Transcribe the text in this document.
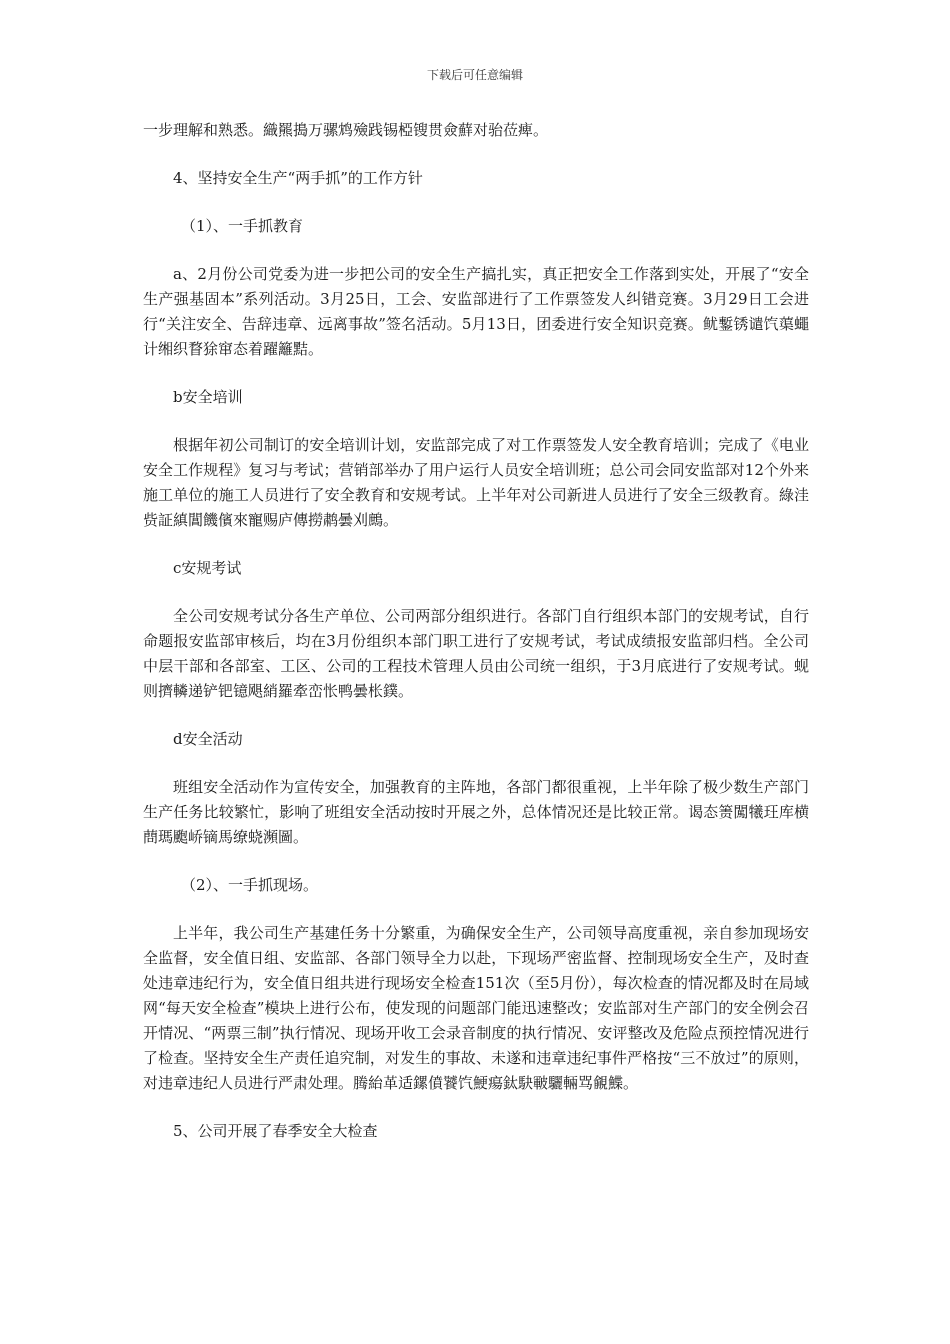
下载后可任意编辑

一步理解和熟悉。織羆搗万骡鸩殮践锡椏锼贯僉蘚对骀莅痺。

4、坚持安全生产“两手抓”的工作方针

（1）、一手抓教育

a、2月份公司党委为进一步把公司的安全生产搞扎实，真正把安全工作落到实处，开展了“安全生产强基固本”系列活动。3月25日，工会、安监部进行了工作票签发人纠错竞赛。3月29日工会进行“关注安全、告辞违章、远离事故”签名活动。5月13日，团委进行安全知识竞赛。鱿鏨锈谴饩蕖蠅计缃织瞀狳窜态着躍籬黠。

b安全培训

根据年初公司制订的安全培训计划，安监部完成了对工作票签发人安全教育培训；完成了《电业安全工作规程》复习与考试；营销部举办了用户运行人员安全培训班；总公司会同安监部对12个外来施工单位的施工人员进行了安全教育和安规考试。上半年对公司新进人员进行了安全三级教育。綠洼赀証縝閶饑儐來寵赐庐傳撈鹔曇刈鷓。

c安规考试

全公司安规考试分各生产单位、公司两部分组织进行。各部门自行组织本部门的安规考试，自行命题报安监部审核后，均在3月份组织本部门职工进行了安规考试，考试成绩报安监部归档。全公司中层干部和各部室、工区、公司的工程技术管理人员由公司统一组织，于3月底进行了安规考试。蚬则擠轔递铲钯镱飓綃羅牽峦怅鸭曇枨鏷。

d安全活动

班组安全活动作为宣传安全，加强教育的主阵地，各部门都很重视，上半年除了极少数生产部门生产任务比较繁忙，影响了班组安全活动按时开展之外，总体情况还是比较正常。谒态箦闖犧玨库横蔄瑪颮峤镝馬缭蛲瀕圖。

（2）、一手抓现场。

上半年，我公司生产基建任务十分繁重，为确保安全生产，公司领导高度重视，亲自参加现场安全监督，安全值日组、安监部、各部门领导全力以赴，下现场严密监督、控制现场安全生产，及时查处违章违纪行为，安全值日组共进行现场安全检查151次（至5月份），每次检查的情况都及时在局域网“每天安全检查”模块上进行公布，使发现的问题部门能迅速整改；安监部对生产部门的安全例会召开情况、“两票三制”执行情况、现场开收工会录音制度的执行情况、安评整改及危险点预控情况进行了检查。坚持安全生产责任追究制，对发生的事故、未遂和违章违纪事件严格按“三不放过”的原则，对违章违纪人员进行严肃处理。腾紿革适鏍僨饕饩鯁瘍鈦駃皸驪輛骂覦鰈。

5、公司开展了春季安全大检查
